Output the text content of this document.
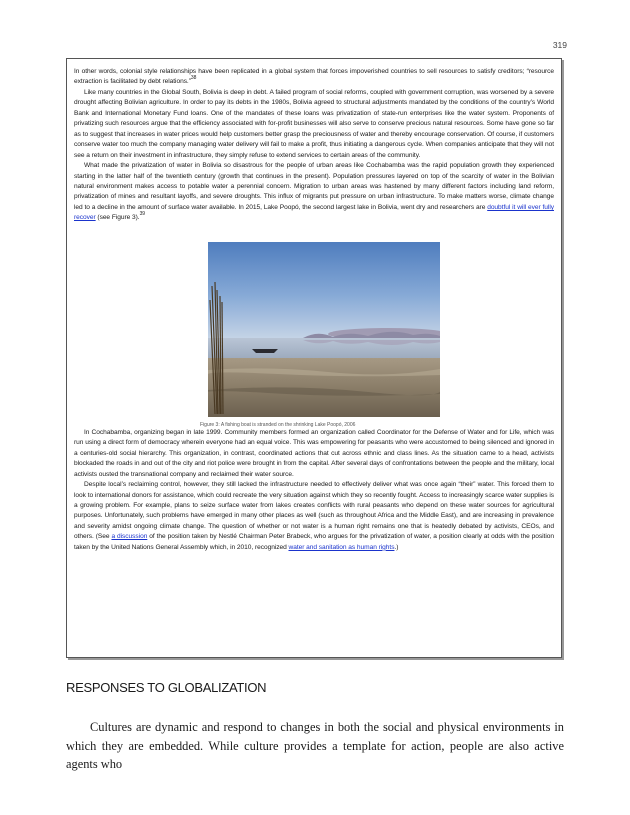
319

In other words, colonial style relationships have been replicated in a global system that forces impoverished countries to sell resources to satisfy creditors; “resource extraction is facilitated by debt relations.”$^{38}$

Like many countries in the Global South, Bolivia is deep in debt. A failed program of social reforms, coupled with government corruption, was worsened by a severe drought affecting Bolivian agriculture. In order to pay its debts in the 1980s, Bolivia agreed to structural adjustments mandated by the conditions of the country’s World Bank and International Monetary Fund loans. One of the mandates of these loans was privatization of state-run enterprises like the water system. Proponents of privatizing such resources argue that the efficiency associated with for-profit businesses will also serve to conserve precious natural resources. Some have gone so far as to suggest that increases in water prices would help customers better grasp the preciousness of water and thereby encourage conservation. Of course, if customers conserve water too much the company managing water delivery will fail to make a profit, thus initiating a dangerous cycle. When companies anticipate that they will not see a return on their investment in infrastructure, they simply refuse to extend services to certain areas of the community.

What made the privatization of water in Bolivia so disastrous for the people of urban areas like Cochabamba was the rapid population growth they experienced starting in the latter half of the twentieth century (growth that continues in the present). Population pressures layered on top of the scarcity of water in the Bolivian natural environment makes access to potable water a perennial concern. Migration to urban areas was hastened by many different factors including land reform, privatization of mines and resultant layoffs, and severe droughts. This influx of migrants put pressure on urban infrastructure. To make matters worse, climate change led to a decline in the amount of surface water available. In 2015, Lake Poopó, the second largest lake in Bolivia, went dry and researchers are doubtful it will ever fully recover (see Figure 3).$^{39}$

Figure 3: A fishing boat is stranded on the shrinking Lake Poopó, 2006

In Cochabamba, organizing began in late 1999. Community members formed an organization called Coordinator for the Defense of Water and for Life, which was run using a direct form of democracy wherein everyone had an equal voice. This was empowering for peasants who were accustomed to being silenced and ignored in a centuries-old social hierarchy. This organization, in contrast, coordinated actions that cut across ethnic and class lines. As the situation came to a head, activists blockaded the roads in and out of the city and riot police were brought in from the capital. After several days of confrontations between the people and the military, local activists ousted the transnational company and reclaimed their water source.

Despite local’s reclaiming control, however, they still lacked the infrastructure needed to effectively deliver what was once again “their” water. This forced them to look to international donors for assistance, which could recreate the very situation against which they so recently fought. Access to increasingly scarce water supplies is a growing problem. For example, plans to seize surface water from lakes creates conflicts with rural peasants who depend on these water sources for agricultural purposes. Unfortunately, such problems have emerged in many other places as well (such as throughout Africa and the Middle East), and are increasing in prevalence and severity amidst ongoing climate change. The question of whether or not water is a human right remains one that is heatedly debated by activists, CEOs, and others. (See a discussion of the position taken by Nestlé Chairman Peter Brabeck, who argues for the privatization of water, a position clearly at odds with the position taken by the United Nations General Assembly which, in 2010, recognized water and sanitation as human rights.)

RESPONSES TO GLOBALIZATION

Cultures are dynamic and respond to changes in both the social and physical environments in which they are embedded. While culture provides a template for action, people are also active agents who
